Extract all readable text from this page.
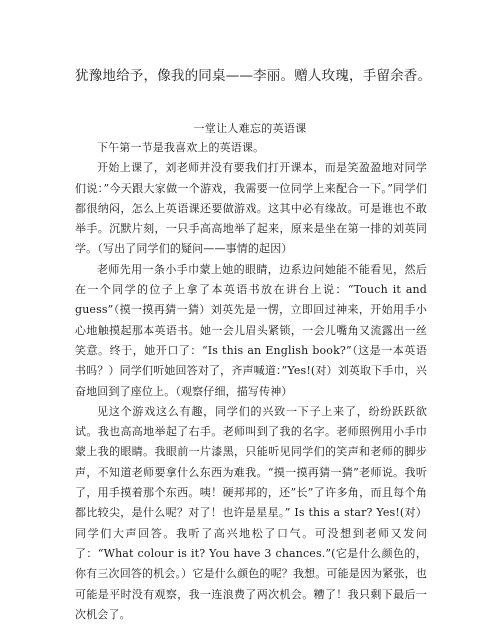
犹豫地给予，像我的同桌——李丽。赠人玫瑰，手留余香。
一堂让人难忘的英语课

下午第一节是我喜欢上的英语课。

开始上课了，刘老师并没有要我们打开课本，而是笑盈盈地对同学们说：”今天跟大家做一个游戏，我需要一位同学上来配合一下。”同学们都很纳闷，怎么上英语课还要做游戏。这其中必有缘故。可是谁也不敢举手。沉默片刻，一只手高高地举了起来，原来是坐在第一排的刘英同学。（写出了同学们的疑问——事情的起因）

老师先用一条小手巾蒙上她的眼睛，边系边问她能不能看见，然后在一个同学的位子上拿了本英语书放在讲台上说：“Touch it and guess”（摸一摸再猜一猜）刘英先是一愣，立即回过神来，开始用手小心地触摸起那本英语书。她一会儿眉头紧锁，一会儿嘴角又流露出一丝笑意。终于，她开口了：“Is this an English book?”（这是一本英语书吗？）同学们听她回答对了，齐声喊道：”Yes!(对）刘英取下手巾，兴奋地回到了座位上。（观察仔细，描写传神）

见这个游戏这么有趣，同学们的兴致一下子上来了，纷纷跃跃欲试。我也高高地举起了右手。老师叫到了我的名字。老师照例用小手巾蒙上我的眼睛。我眼前一片漆黑，只能听见同学们的笑声和老师的脚步声，不知道老师要拿什么东西为难我。“摸一摸再猜一猜”老师说。我听了，用手摸着那个东西。咦！硬邦邦的，还”长”了许多角，而且每个角都比较尖，是什么呢？对了！也许是星星。” Is this a star? Yes!(对）同学们大声回答。我听了高兴地松了口气。可没想到老师又发问了：“What colour is it? You have 3 chances.”(它是什么颜色的，你有三次回答的机会。）它是什么颜色的呢？我想。可能是因为紧张，也可能是平时没有观察，我一连浪费了两次机会。糟了！我只剩下最后一次机会了。
